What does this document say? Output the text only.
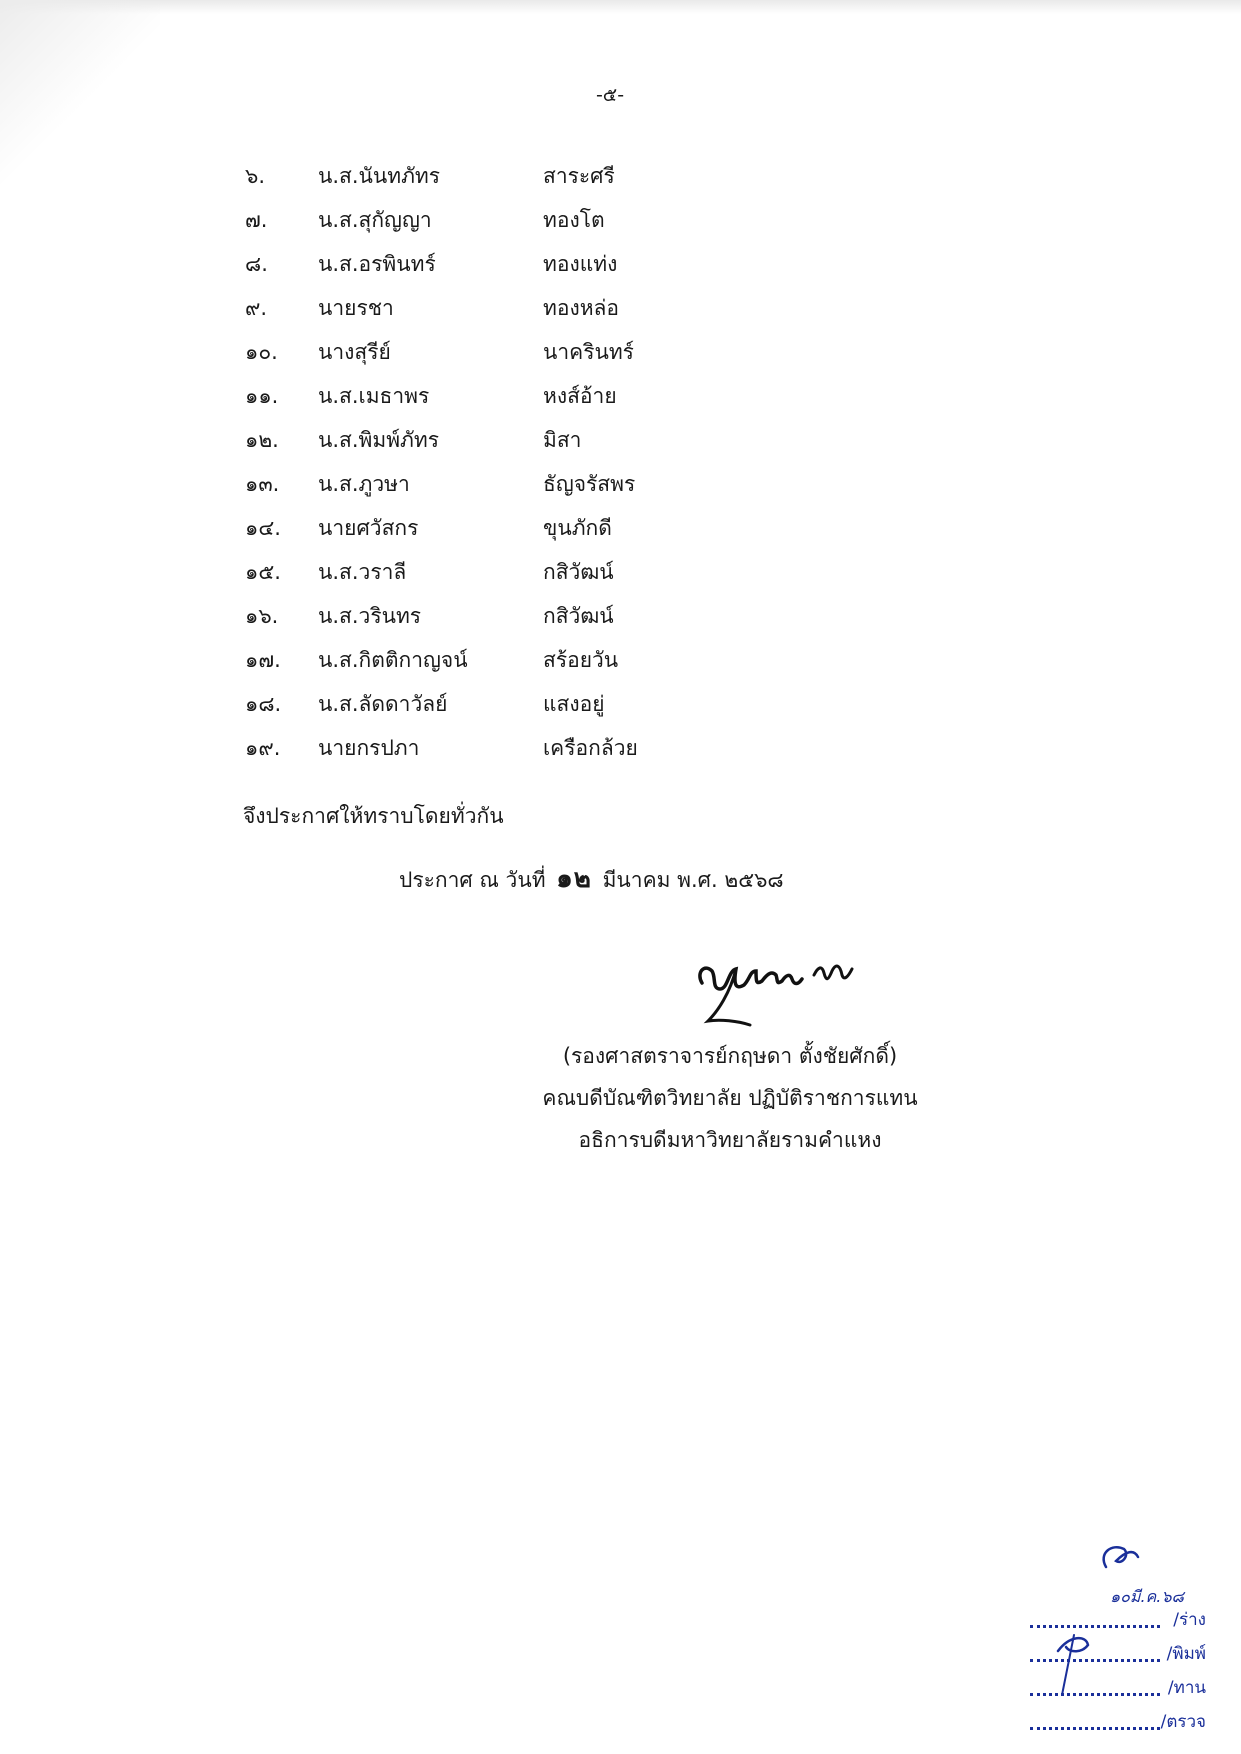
-๕-
๖.	น.ส.นันทภัทร	สาระศรี
๗. น.ส.สุกัญญา	ทองโต
๘. น.ส.อรพินทร์	ทองแท่ง
๙. นายรชา	ทองหล่อ
๑๐. นางสุรีย์	นาครินทร์
๑๑. น.ส.เมธาพร	หงส์อ้าย
๑๒. น.ส.พิมพ์ภัทร	มิสา
๑๓. น.ส.ภูวษา	ธัญจรัสพร
๑๔. นายศวัสกร	ขุนภักดี
๑๕. น.ส.วราลี	กสิวัฒน์
๑๖. น.ส.วรินทร	กสิวัฒน์
๑๗. น.ส.กิตติกาญจน์	สร้อยวัน
๑๘. น.ส.ลัดดาวัลย์	แสงอยู่
๑๙. นายกรปภา	เครือกล้วย
จึงประกาศให้ทราบโดยทั่วกัน
ประกาศ ณ วันที่ ๑๒ มีนาคม พ.ศ. ๒๕๖๘
(รองศาสตราจารย์กฤษดา ตั้งชัยศักดิ์)
คณบดีบัณฑิตวิทยาลัย ปฏิบัติราชการแทน
อธิการบดีมหาวิทยาลัยรามคำแหง
๑๐มี.ค.๖๘
/ร่าง
/พิมพ์
/ทาน
/ตรวจ
